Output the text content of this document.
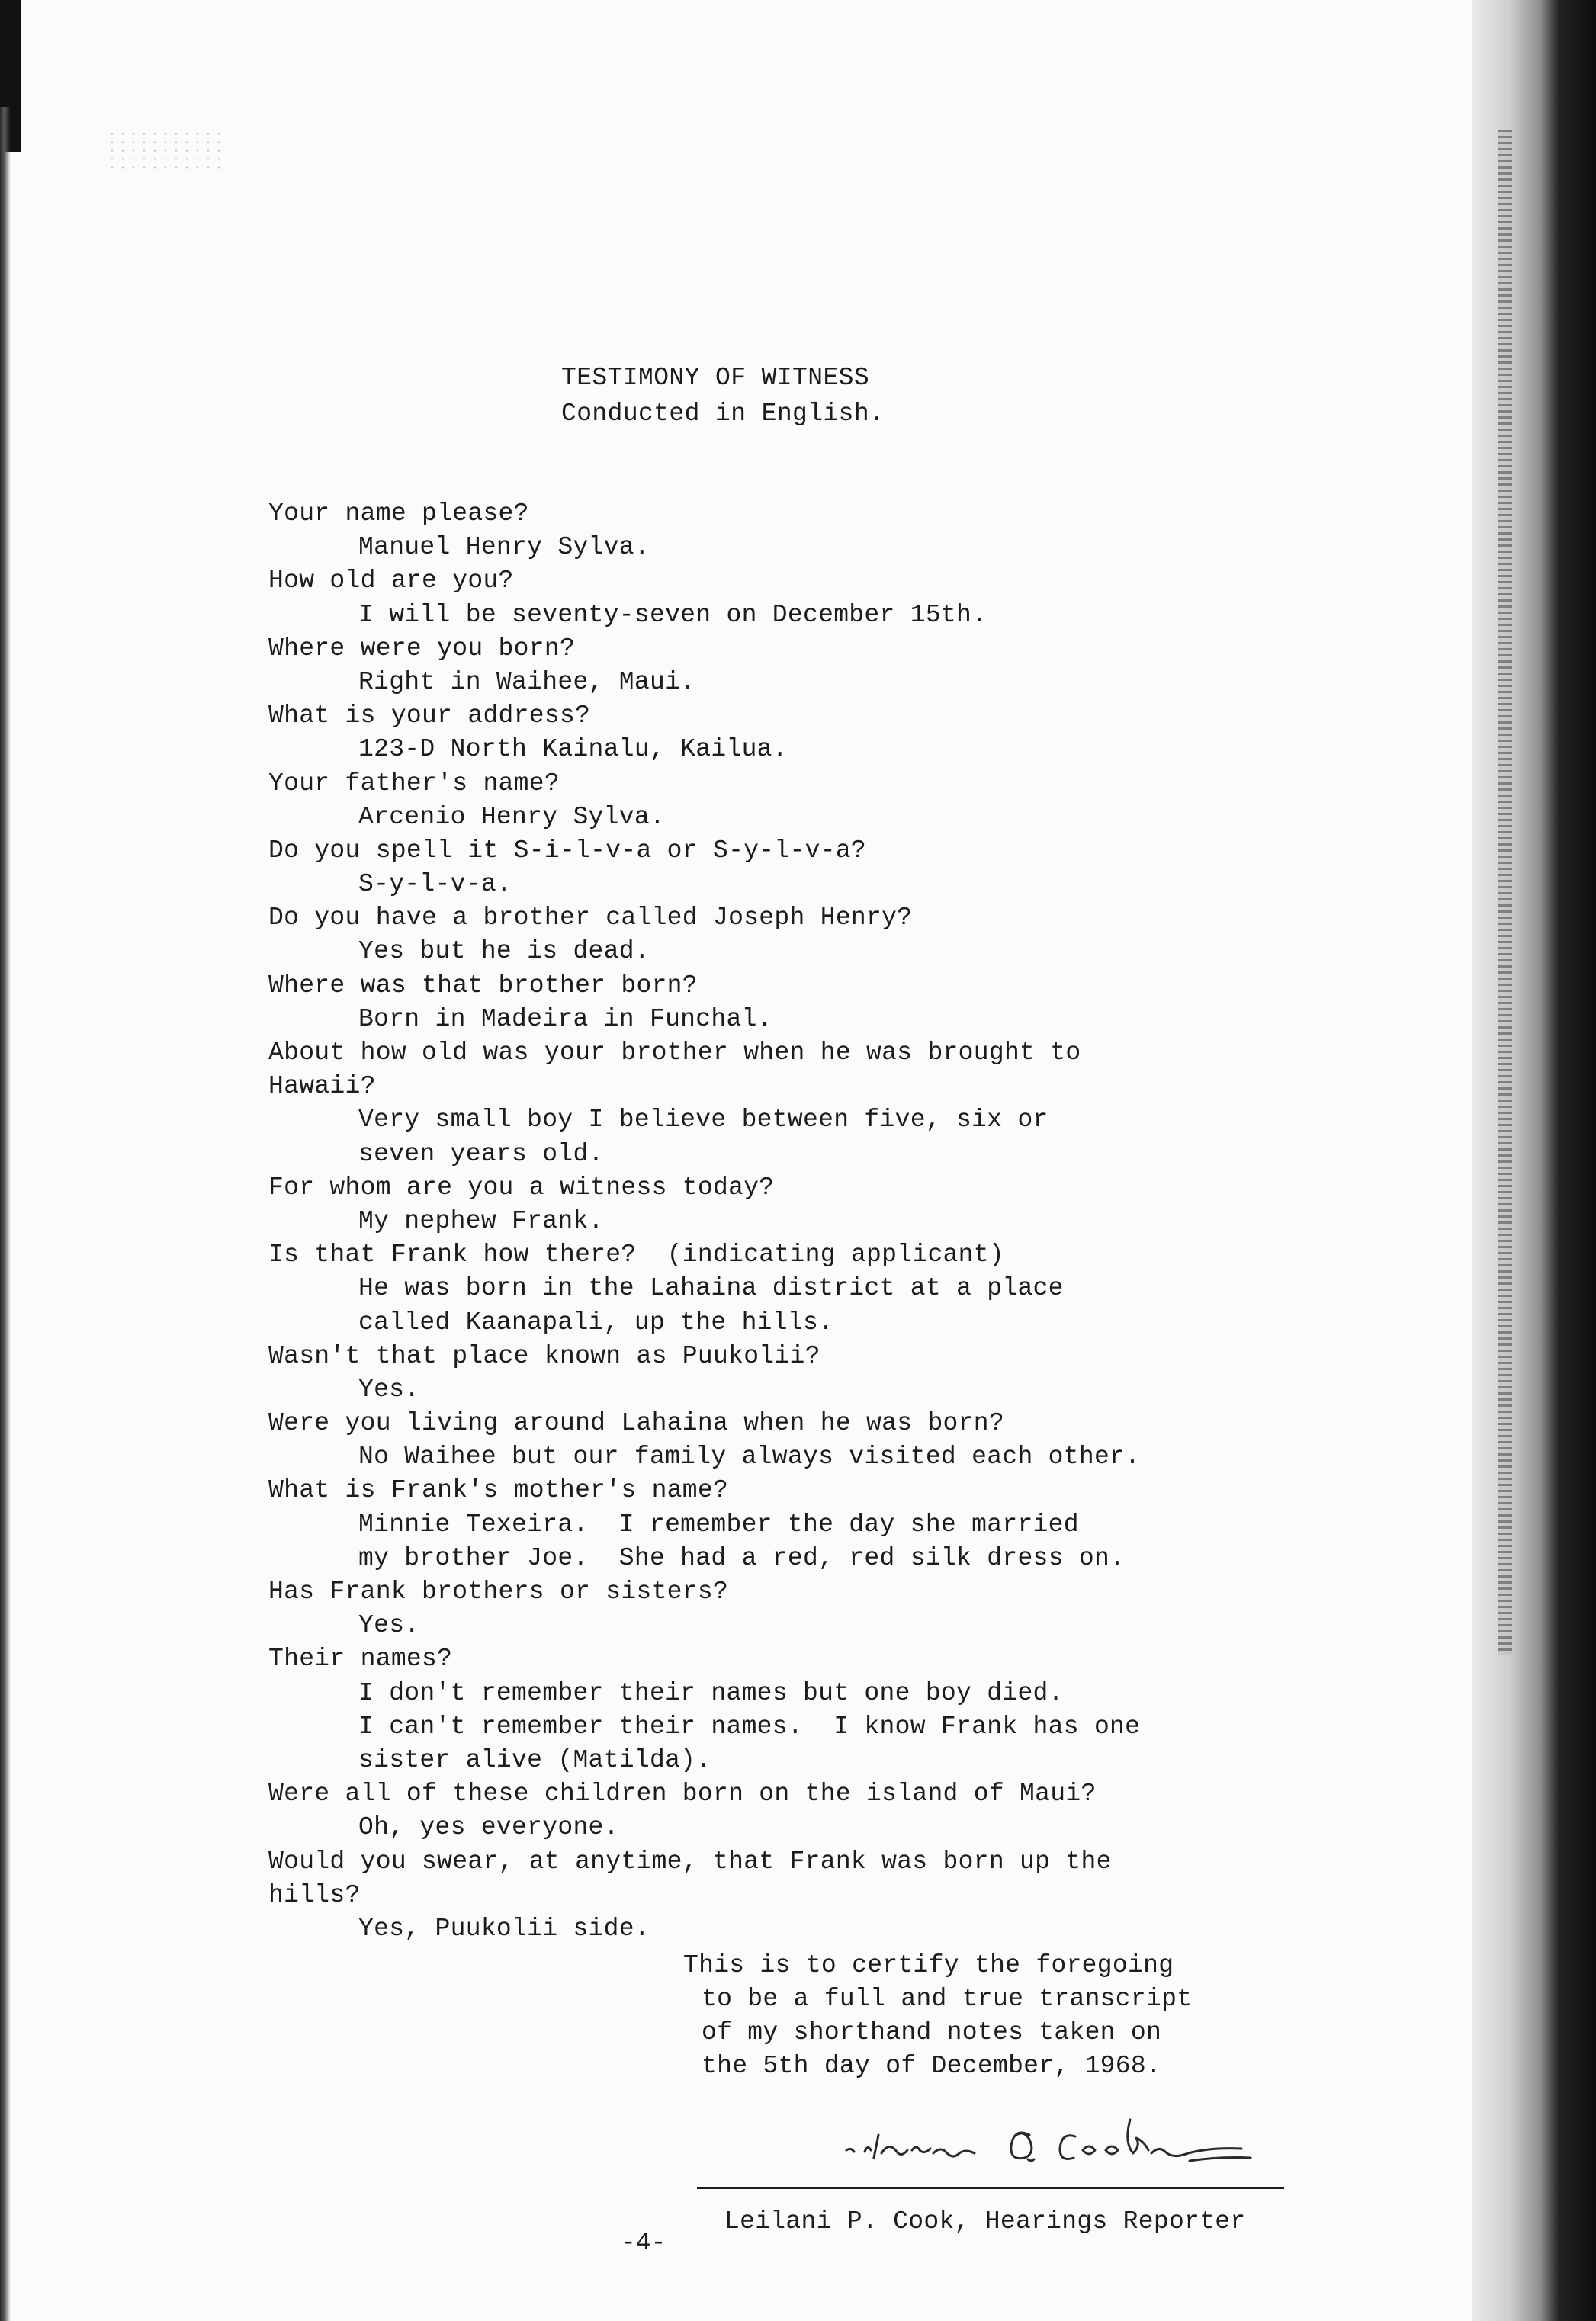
TESTIMONY OF WITNESS
Conducted in English.
Your name please?
Manuel Henry Sylva.
How old are you?
I will be seventy-seven on December 15th.
Where were you born?
Right in Waihee, Maui.
What is your address?
123-D North Kainalu, Kailua.
Your father's name?
Arcenio Henry Sylva.
Do you spell it S-i-l-v-a or S-y-l-v-a?
S-y-l-v-a.
Do you have a brother called Joseph Henry?
Yes but he is dead.
Where was that brother born?
Born in Madeira in Funchal.
About how old was your brother when he was brought to
Hawaii?
Very small boy I believe between five, six or
seven years old.
For whom are you a witness today?
My nephew Frank.
Is that Frank how there?  (indicating applicant)
He was born in the Lahaina district at a place
called Kaanapali, up the hills.
Wasn't that place known as Puukolii?
Yes.
Were you living around Lahaina when he was born?
No Waihee but our family always visited each other.
What is Frank's mother's name?
Minnie Texeira.  I remember the day she married
my brother Joe.  She had a red, red silk dress on.
Has Frank brothers or sisters?
Yes.
Their names?
I don't remember their names but one boy died.
I can't remember their names.  I know Frank has one
sister alive (Matilda).
Were all of these children born on the island of Maui?
Oh, yes everyone.
Would you swear, at anytime, that Frank was born up the
hills?
Yes, Puukolii side.
This is to certify the foregoing
to be a full and true transcript
of my shorthand notes taken on
the 5th day of December, 1968.
-4-
Leilani P. Cook, Hearings Reporter
